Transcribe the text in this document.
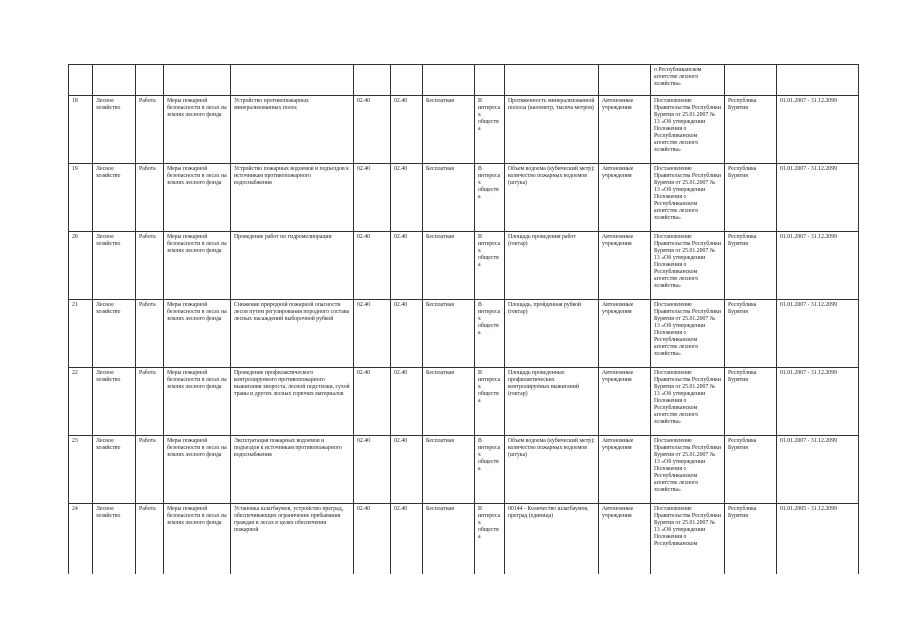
											о Республиканском агентстве лесного хозяйства»		
18	Лесное хозяйство	Работа	Меры пожарной безопасности в лесах на землях лесного фонда	Устройство противопожарных минерализованных полос	02.40	02.40	Бесплатная	В интересах общества	Протяженность минерализованной полосы (километр, тысяча метров)	Автономные учреждения	Постановление Правительства Республики Бурятия от 25.01.2007 № 13 «Об утверждении Положения о Республиканском агентстве лесного хозяйства»	Республика Бурятия	01.01.2007 - 31.12.2099
19	Лесное хозяйство	Работа	Меры пожарной безопасности в лесах на землях лесного фонда	Устройство пожарных водоемов и подъездов к источникам противопожарного водоснабжения	02.40	02.40	Бесплатная	В интересах общества	Объем водоема (кубический метр); количество пожарных водоемов (штука)	Автономные учреждения	Постановление Правительства Республики Бурятия от 25.01.2007 № 13 «Об утверждении Положения о Республиканском агентстве лесного хозяйства»	Республика Бурятия	01.01.2007 - 31.12.2099
20	Лесное хозяйство	Работа	Меры пожарной безопасности в лесах на землях лесного фонда	Проведение работ по гидромелиорации	02.40	02.40	Бесплатная	В интересах общества	Площадь проведения работ (гектар)	Автономные учреждения	Постановление Правительства Республики Бурятия от 25.01.2007 № 13 «Об утверждении Положения о Республиканском агентстве лесного хозяйства»	Республика Бурятия	01.01.2007 - 31.12.2099
21	Лесное хозяйство	Работа	Меры пожарной безопасности в лесах на землях лесного фонда	Снижение природной пожарной опасности лесов путем регулирования породного состава лесных насаждений выборочной рубкой	02.40	02.40	Бесплатная	В интересах общества	Площадь, пройденная рубкой (гектар)	Автономные учреждения	Постановление Правительства Республики Бурятия от 25.01.2007 № 13 «Об утверждении Положения о Республиканском агентстве лесного хозяйства»	Республика Бурятия	01.01.2007 - 31.12.2099
22	Лесное хозяйство	Работа	Меры пожарной безопасности в лесах на землях лесного фонда	Проведение профилактического контролируемого противопожарного выжигания хвороста, лесной подстилки, сухой травы и других лесных горючих материалов	02.40	02.40	Бесплатная	В интересах общества	Площадь проведенных профилактических контролируемых выжиганий (гектар)	Автономные учреждения	Постановление Правительства Республики Бурятия от 25.01.2007 № 13 «Об утверждении Положения о Республиканском агентстве лесного хозяйства»	Республика Бурятия	01.01.2007 - 31.12.2099
23	Лесное хозяйство	Работа	Меры пожарной безопасности в лесах на землях лесного фонда	Эксплуатация пожарных водоемов и подъездов к источникам противопожарного водоснабжения	02.40	02.40	Бесплатная	В интересах общества	Объем водоема (кубический метр); количество пожарных водоемов (штука)	Автономные учреждения	Постановление Правительства Республики Бурятия от 25.01.2007 № 13 «Об утверждении Положения о Республиканском агентстве лесного хозяйства»	Республика Бурятия	01.01.2007 - 31.12.2099
24	Лесное хозяйство	Работа	Меры пожарной безопасности в лесах на землях лесного фонда	Установка шлагбаумов, устройство преград, обеспечивающих ограничение пребывания граждан в лесах в целях обеспечения пожарной	02.40	02.40	Бесплатная	В интересах общества	00144 - Количество шлагбаумов, преград (единица)	Автономные учреждения	Постановление Правительства Республики Бурятия от 25.01.2007 № 13 «Об утверждении Положения о Республиканском	Республика Бурятия	01.01.2005 - 31.12.2099
